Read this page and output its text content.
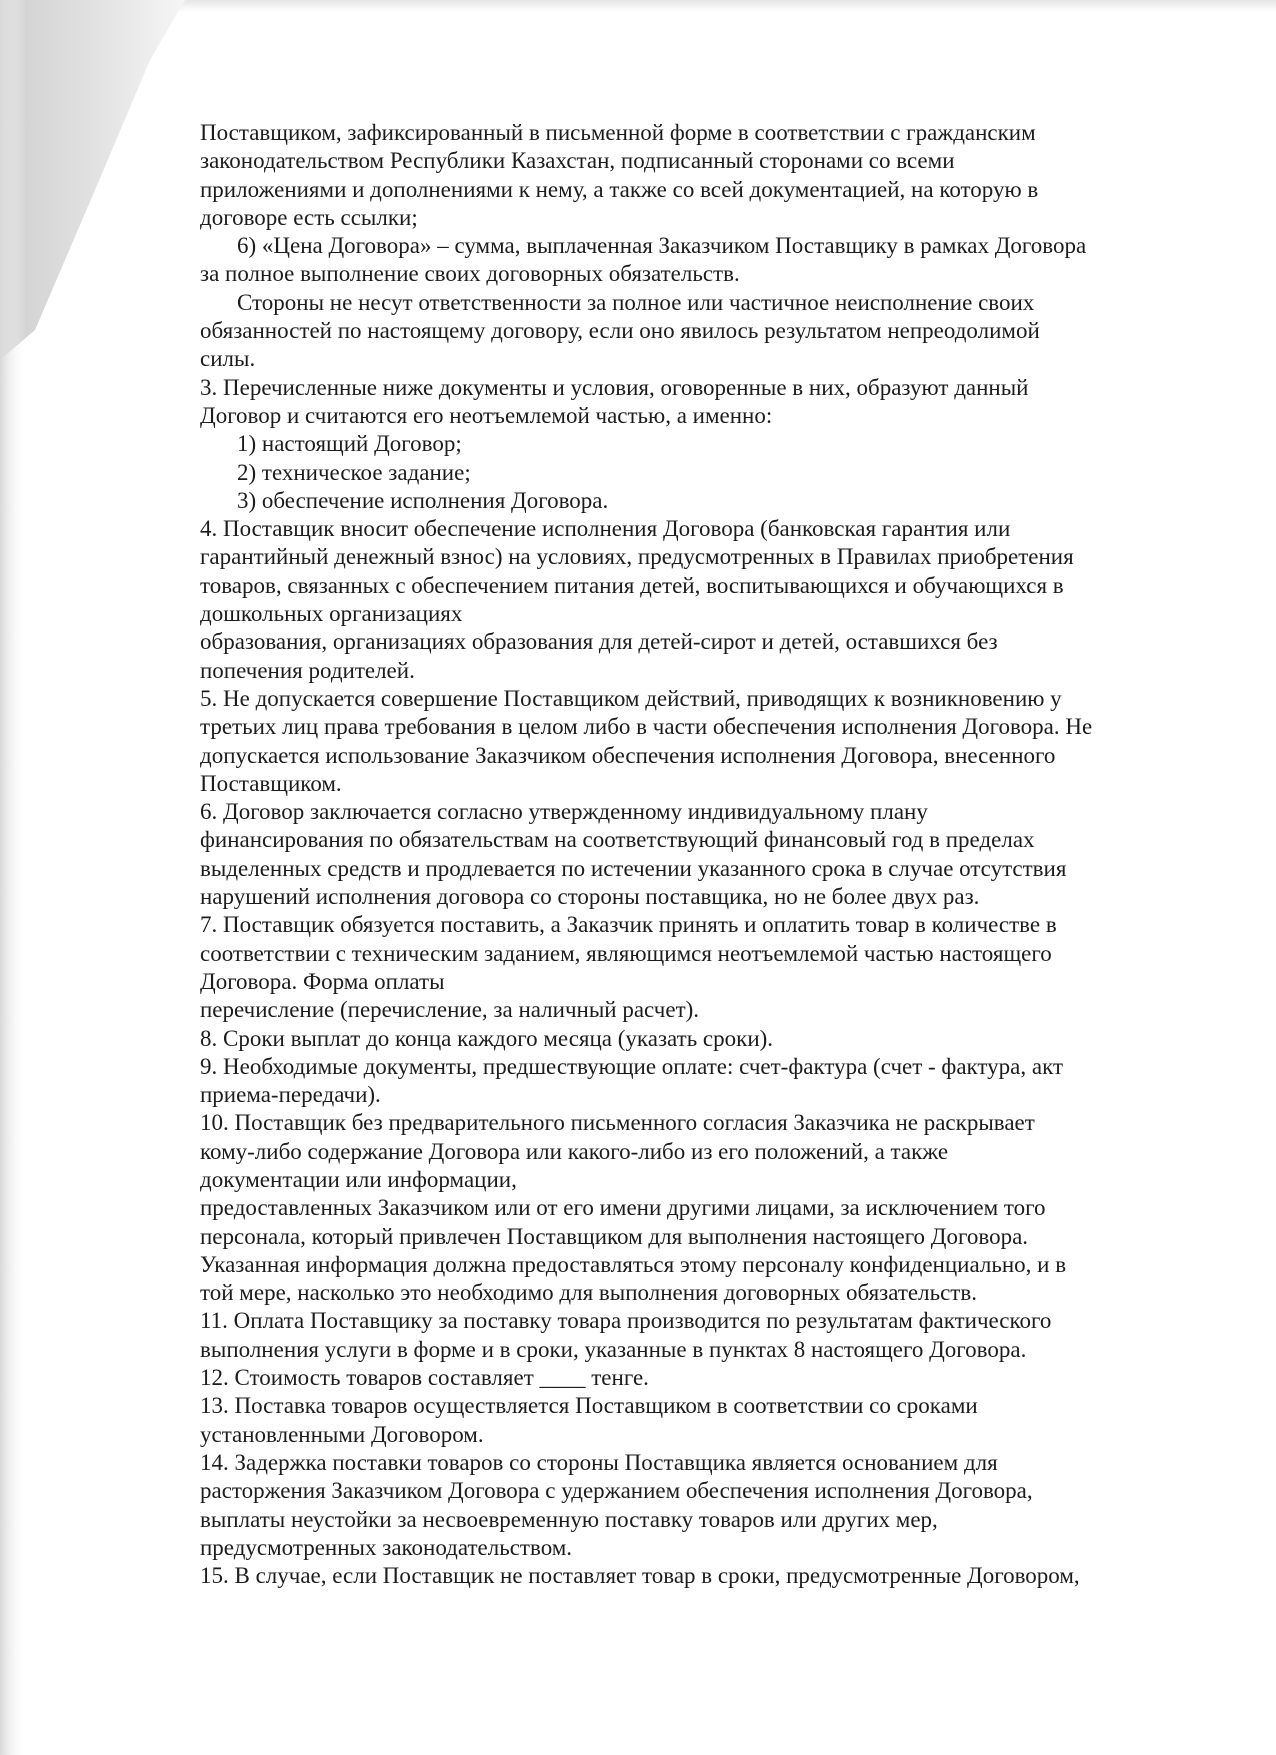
Поставщиком, зафиксированный в письменной форме в соответствии с гражданским

законодательством Республики Казахстан, подписанный сторонами со всеми

приложениями и дополнениями к нему, а также со всей документацией, на которую в

договоре есть ссылки;

6) «Цена Договора» – сумма, выплаченная Заказчиком Поставщику в рамках Договора

за полное выполнение своих договорных обязательств.

Стороны не несут ответственности за полное или частичное неисполнение своих

обязанностей по настоящему договору, если оно явилось результатом непреодолимой

силы.

3. Перечисленные ниже документы и условия, оговоренные в них, образуют данный

Договор и считаются его неотъемлемой частью, а именно:

1) настоящий Договор;

2) техническое задание;

3) обеспечение исполнения Договора.

4. Поставщик вносит обеспечение исполнения Договора (банковская гарантия или

гарантийный денежный взнос) на условиях, предусмотренных в Правилах приобретения

товаров, связанных с обеспечением питания детей, воспитывающихся и обучающихся в

дошкольных организациях

образования, организациях образования для детей-сирот и детей, оставшихся без

попечения родителей.

5. Не допускается совершение Поставщиком действий, приводящих к возникновению у

третьих лиц права требования в целом либо в части обеспечения исполнения Договора. Не

допускается использование Заказчиком обеспечения исполнения Договора, внесенного

Поставщиком.

6. Договор заключается согласно утвержденному индивидуальному плану

финансирования по обязательствам на соответствующий финансовый год в пределах

выделенных средств и продлевается по истечении указанного срока в случае отсутствия

нарушений исполнения договора со стороны поставщика, но не более двух раз.

7. Поставщик обязуется поставить, а Заказчик принять и оплатить товар в количестве в

соответствии с техническим заданием, являющимся неотъемлемой частью настоящего

Договора. Форма оплаты

перечисление (перечисление, за наличный расчет).

8. Сроки выплат до конца каждого месяца (указать сроки).

9. Необходимые документы, предшествующие оплате: счет-фактура (счет - фактура, акт

приема-передачи).

10. Поставщик без предварительного письменного согласия Заказчика не раскрывает

кому-либо содержание Договора или какого-либо из его положений, а также

документации или информации,

предоставленных Заказчиком или от его имени другими лицами, за исключением того

персонала, который привлечен Поставщиком для выполнения настоящего Договора.

Указанная информация должна предоставляться этому персоналу конфиденциально, и в

той мере, насколько это необходимо для выполнения договорных обязательств.

11. Оплата Поставщику за поставку товара производится по результатам фактического

выполнения услуги в форме и в сроки, указанные в пунктах 8 настоящего Договора.

12. Стоимость товаров составляет ____ тенге.

13. Поставка товаров осуществляется Поставщиком в соответствии со сроками

установленными Договором.

14. Задержка поставки товаров со стороны Поставщика является основанием для

расторжения Заказчиком Договора с удержанием обеспечения исполнения Договора,

выплаты неустойки за несвоевременную поставку товаров или других мер,

предусмотренных законодательством.

15. В случае, если Поставщик не поставляет товар в сроки, предусмотренные Договором,
